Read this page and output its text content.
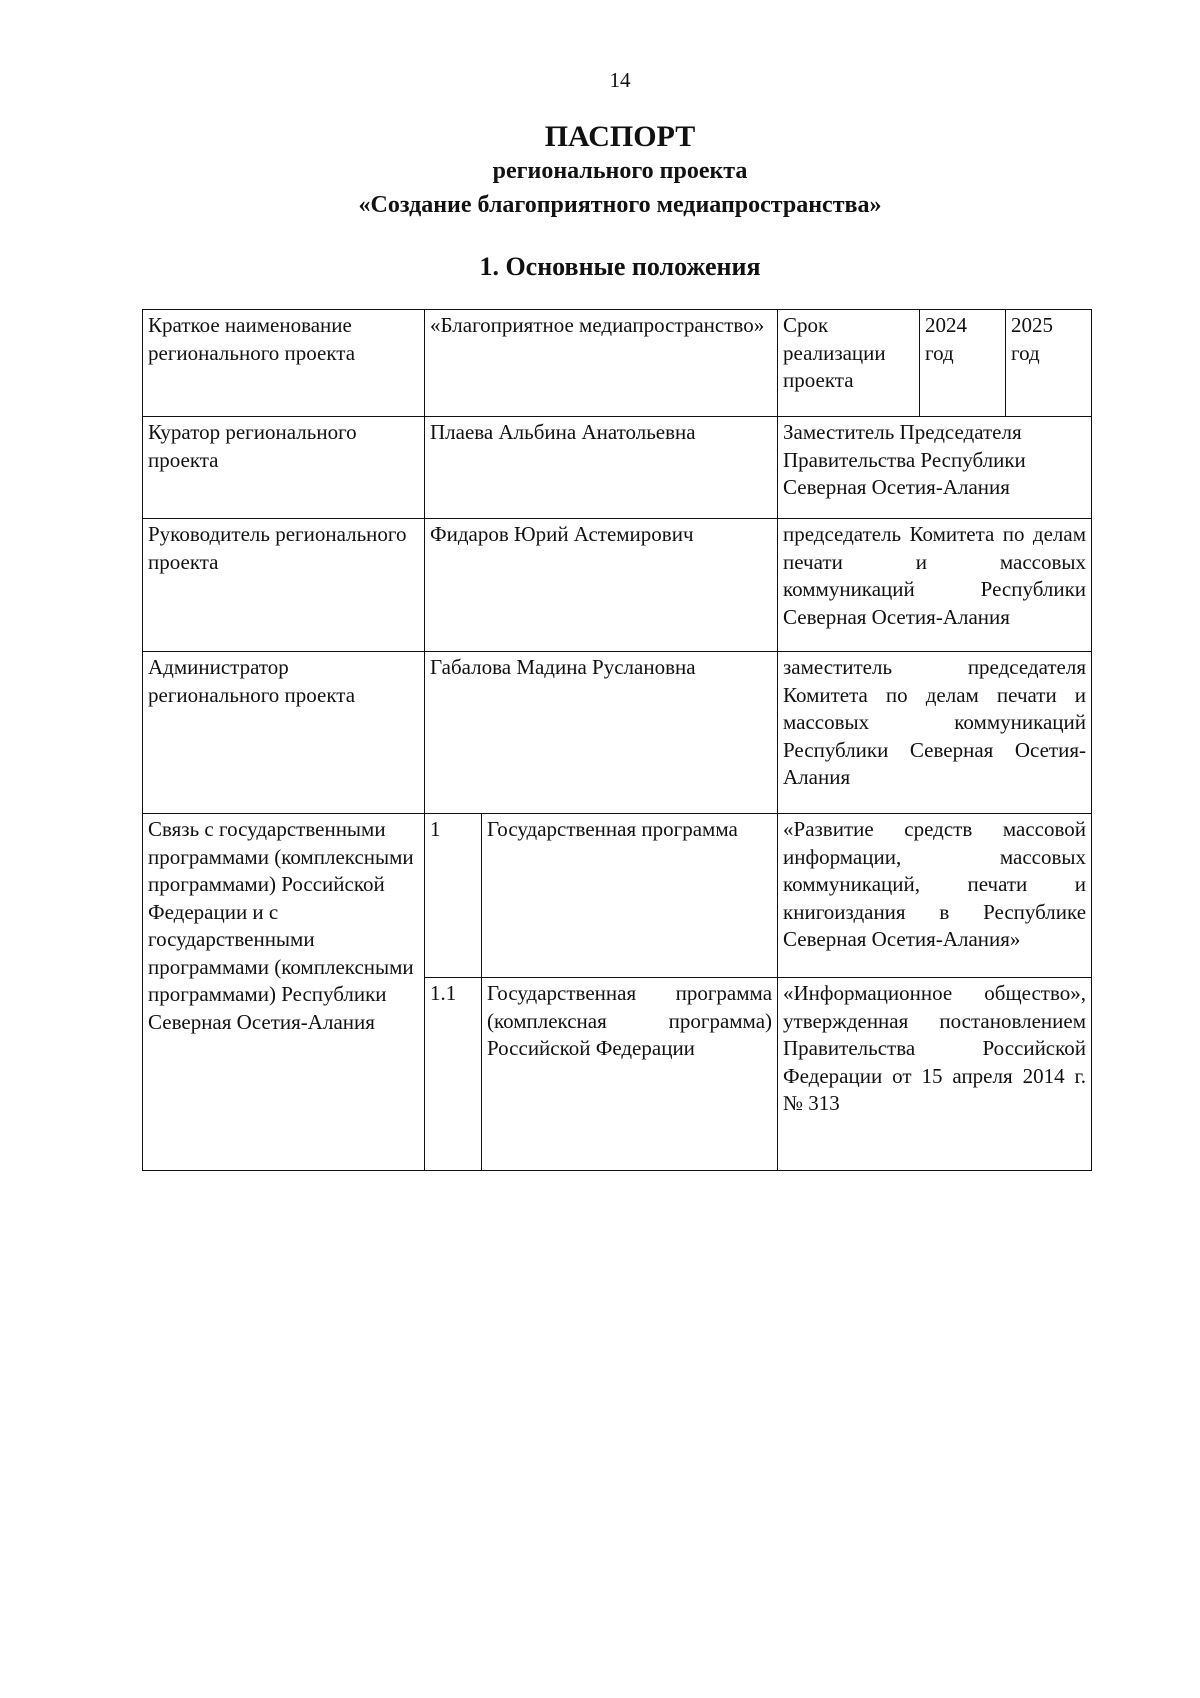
14
ПАСПОРТ
регионального проекта
«Создание благоприятного медиапространства»
1. Основные положения
Краткое наименование регионального проекта	«Благоприятное медиапространство»		Срок реализации проекта	2024 год	2025 год
Куратор регионального проекта	Плаева Альбина Анатольевна		Заместитель Председателя Правительства Республики Северная Осетия-Алания		
Руководитель регионального проекта	Фидаров Юрий Астемирович		председатель Комитета по делам печати и массовых коммуникаций Республики Северная Осетия-Алания		
Администратор регионального проекта	Габалова Мадина Руслановна		заместитель председателя Комитета по делам печати и массовых коммуникаций Республики Северная Осетия-Алания		
Связь с государственными программами (комплексными программами) Российской Федерации и с государственными программами (комплексными программами) Республики Северная Осетия-Алания	1	Государственная программа	«Развитие средств массовой информации, массовых коммуникаций, печати и книгоиздания в Республике Северная Осетия-Алания»		
	1.1	Государственная программа (комплексная программа) Российской Федерации	«Информационное общество», утвержденная постановлением Правительства Российской Федерации от 15 апреля 2014 г. № 313		
